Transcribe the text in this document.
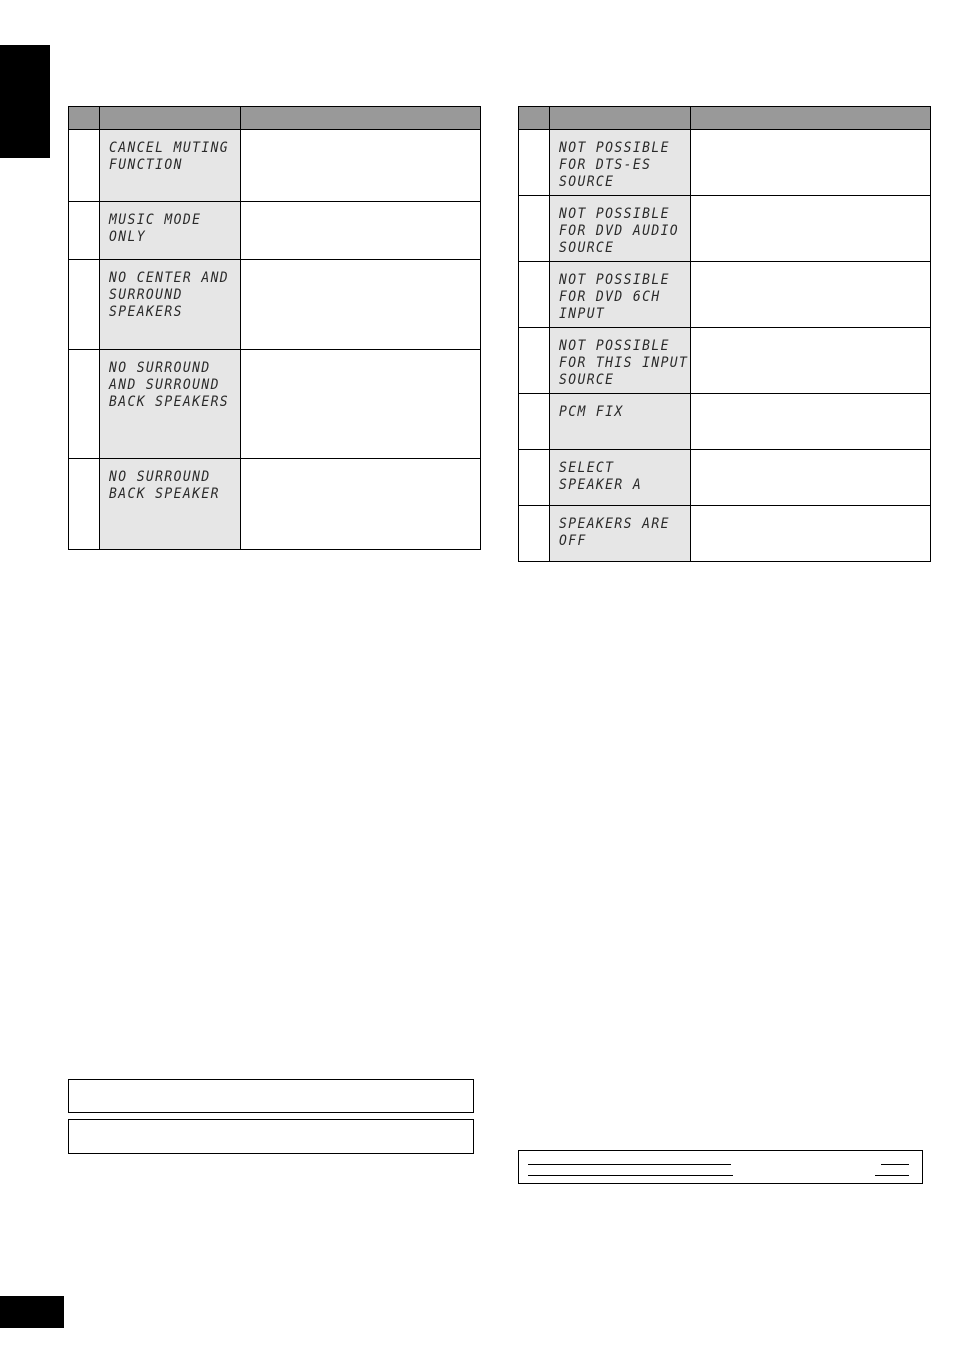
	CANCEL MUTING
FUNCTION	

	MUSIC MODE
ONLY	

	NO CENTER AND
SURROUND
SPEAKERS	

	NO SURROUND
AND SURROUND
BACK SPEAKERS	

	NO SURROUND
BACK SPEAKER	

	NOT POSSIBLE
FOR DTS-ES
SOURCE	

	NOT POSSIBLE
FOR DVD AUDIO
SOURCE	

	NOT POSSIBLE
FOR DVD 6CH
INPUT	

	NOT POSSIBLE
FOR THIS INPUT
SOURCE	

	PCM FIX	

	SELECT
SPEAKER A	

	SPEAKERS ARE
OFF	
